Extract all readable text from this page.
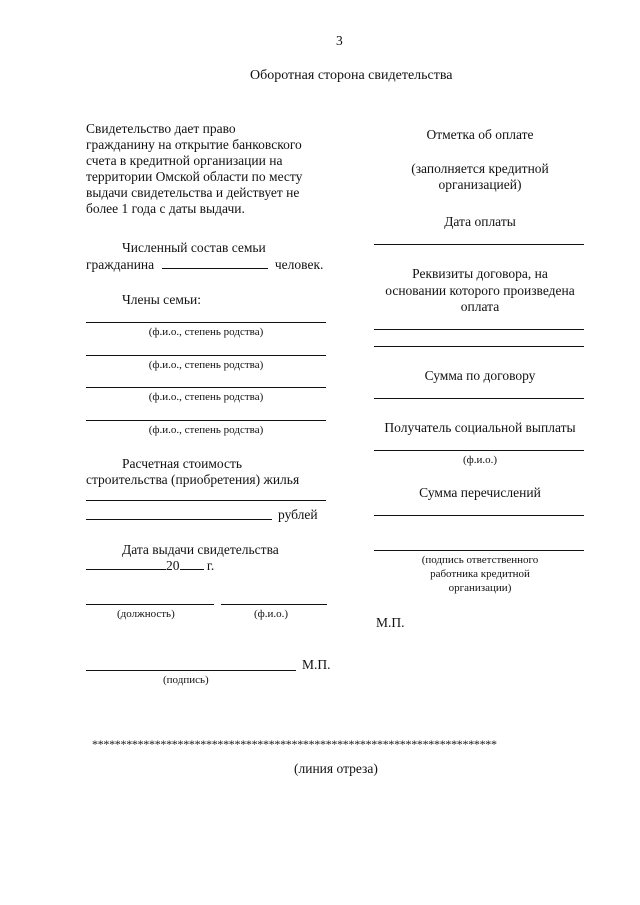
3
Оборотная сторона свидетельства
Свидетельство дает право
гражданину на открытие банковского
счета в кредитной организации на
территории Омской области по месту
выдачи свидетельства и действует не
более 1 года с даты выдачи.
Численный состав семьи
гражданина	человек.
Члены семьи:
(ф.и.о., степень родства)
(ф.и.о., степень родства)
(ф.и.о., степень родства)
(ф.и.о., степень родства)
Расчетная стоимость
строительства (приобретения) жилья
рублей
Дата выдачи свидетельства
20 г.
(должность)	(ф.и.о.)
М.П.
(подпись)
Отметка об оплате
(заполняется кредитной
организацией)
Дата оплаты
Реквизиты договора, на
основании которого произведена
оплата
Сумма по договору
Получатель социальной выплаты
(ф.и.о.)
Сумма перечислений
(подпись ответственного
работника кредитной
организации)
М.П.
***********************************************************************
(линия отреза)
